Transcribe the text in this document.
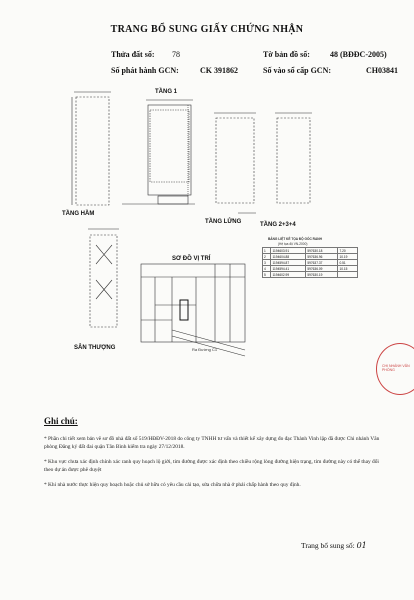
TRANG BỔ SUNG GIẤY CHỨNG NHẬN
Thửa đất số: 78	Tờ bản đồ số:	48 (BĐĐC-2005)
Số phát hành GCN:	CK 391862	Số vào sổ cấp GCN:	CH03841
TẦNG 1
TẦNG HẦM
TẦNG LỬNG	TẦNG 2+3+4
SÂN THƯỢNG
SƠ ĐỒ VỊ TRÍ
Ra Đường C1
BẢNG LIỆT KÊ TỌA ĐỘ GÓC RANH
(Hệ tọa độ VN-2000)
1	1194603.91	597630.18	7.20
2	1194604.88	597636.96	10.19
3	1194594.87	597637.37	0.51
4	1194594.41	597636.09	10.15
5	1194602.99	597630.19	
CHI NHÁNH VĂN PHÒNG
Ghi chú:
* Phần chi tiết xem bản vẽ sơ đồ nhà đất số 519/HĐĐV-2018 do công ty TNHH tư vấn và thiết kế xây dựng đo đạc Thành Vinh lập đã được Chi nhánh Văn phòng Đăng ký đất đai quận Tân Bình kiểm tra ngày 27/12/2018.
* Khu vực chưa xác định chính xác ranh quy hoạch lộ giới, tim đường được xác định theo chiều rộng lòng đường hiện trạng, tim đường này có thể thay đổi theo dự án được phê duyệt
* Khi nhà nước thực hiện quy hoạch hoặc chủ sở hữu có yêu cầu cải tạo, sửa chữa nhà ở phải chấp hành theo quy định.
Trang bổ sung số: 01
